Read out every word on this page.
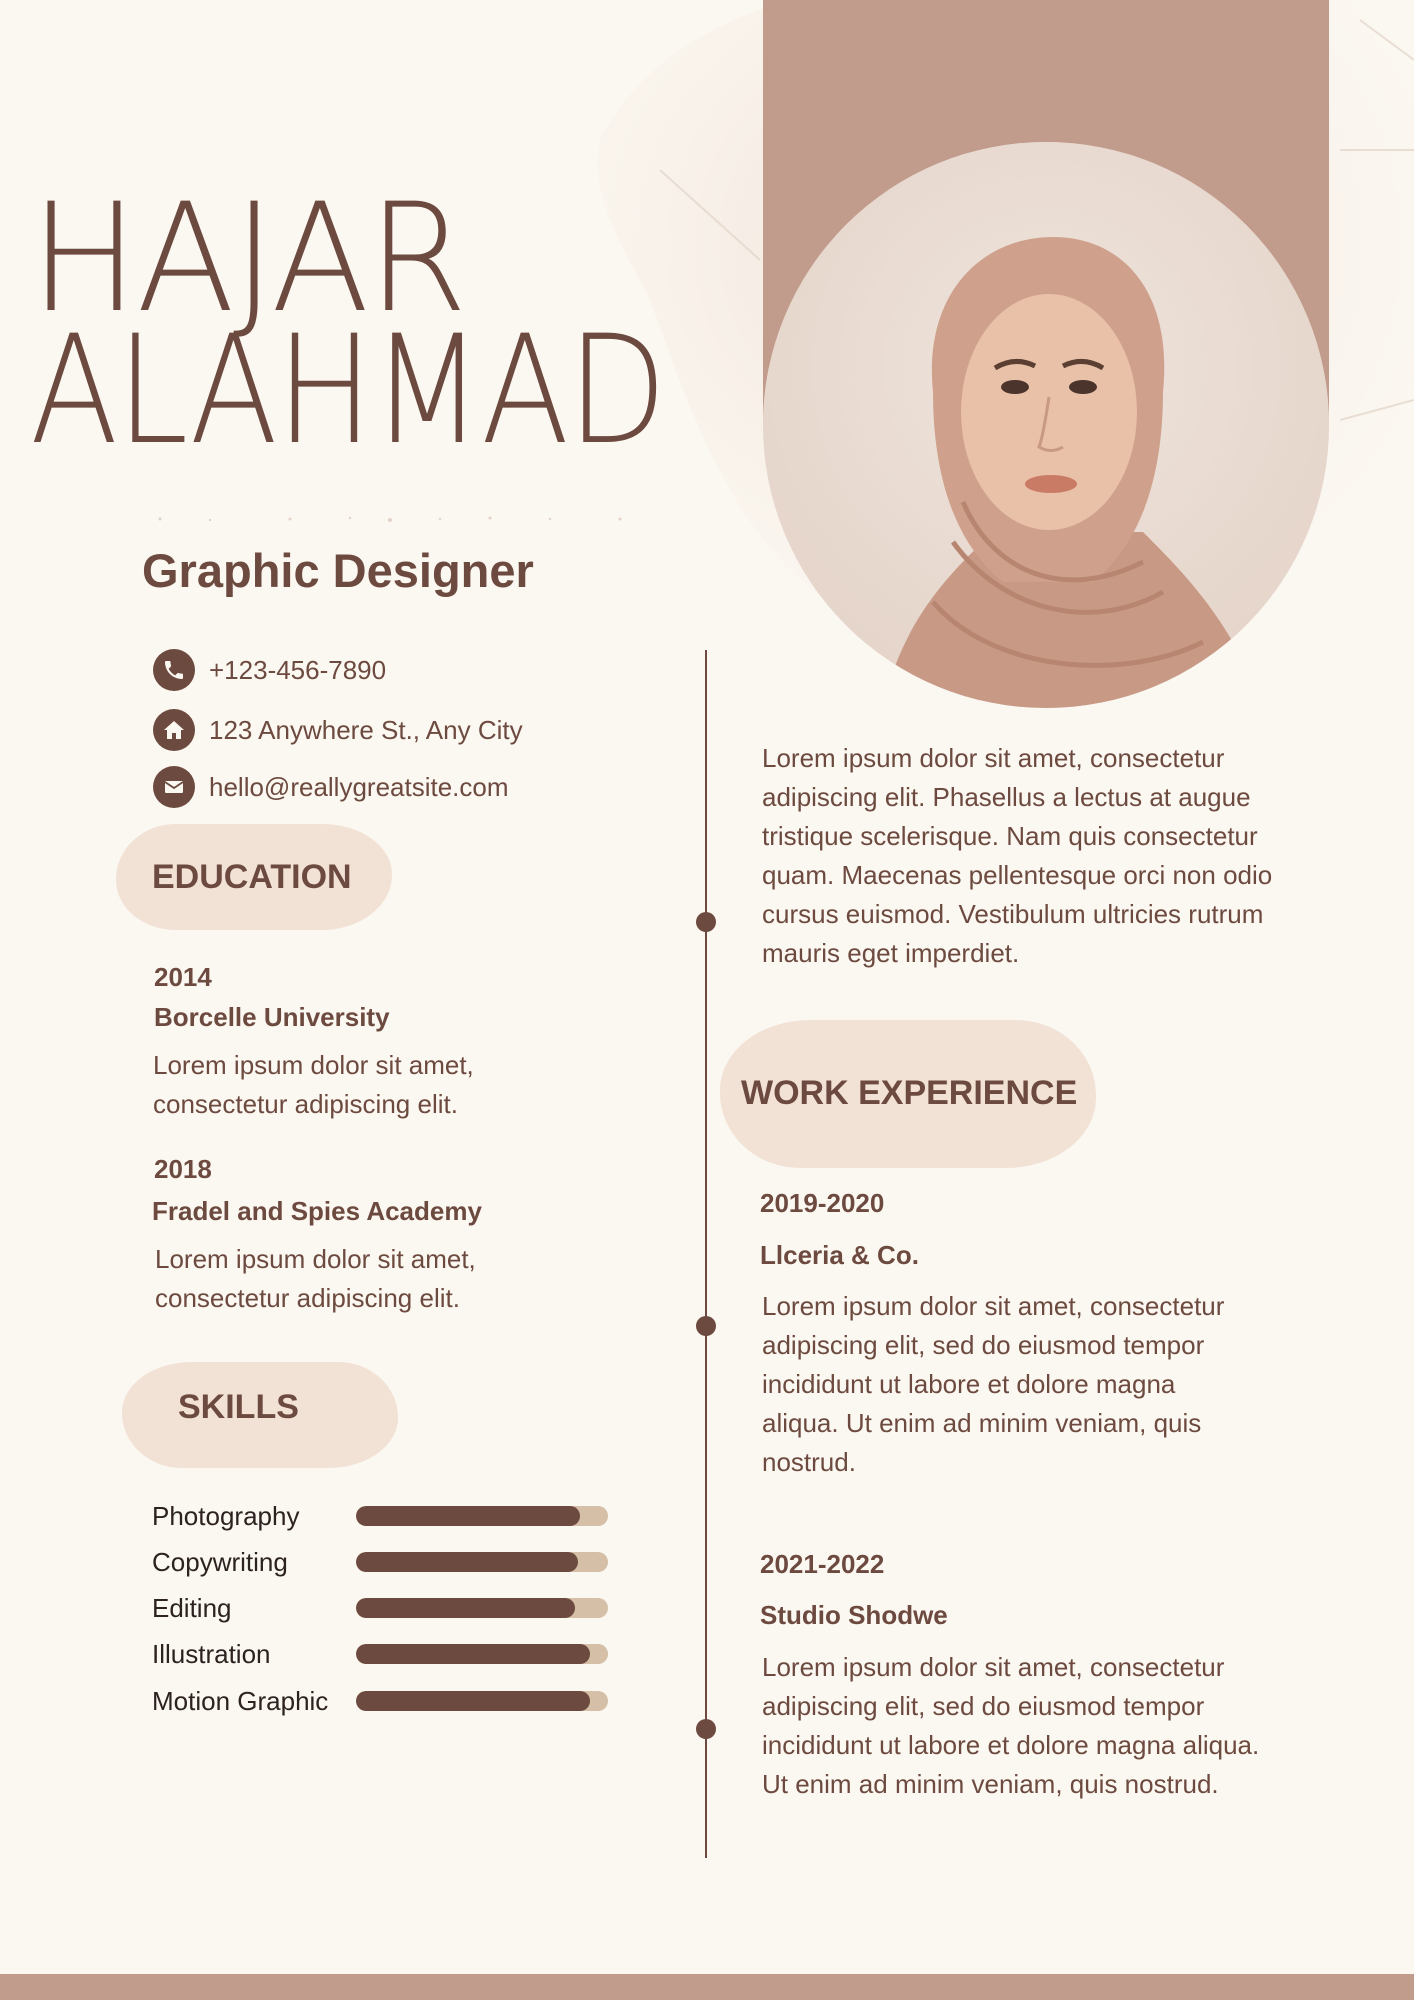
HAJAR
ALAHMAD
Graphic Designer
+123-456-7890
123 Anywhere St., Any City
hello@reallygreatsite.com
EDUCATION
2014
Borcelle University
Lorem ipsum dolor sit amet, consectetur adipiscing elit.
2018
Fradel and Spies Academy
Lorem ipsum dolor sit amet, consectetur adipiscing elit.
SKILLS
Photography
Copywriting
Editing
Illustration
Motion Graphic
Lorem ipsum dolor sit amet, consectetur adipiscing elit. Phasellus a lectus at augue tristique scelerisque. Nam quis consectetur quam. Maecenas pellentesque orci non odio cursus euismod. Vestibulum ultricies rutrum mauris eget imperdiet.
WORK EXPERIENCE
2019-2020
Llceria & Co.
Lorem ipsum dolor sit amet, consectetur adipiscing elit, sed do eiusmod tempor incididunt ut labore et dolore magna aliqua. Ut enim ad minim veniam, quis nostrud.
2021-2022
Studio Shodwe
Lorem ipsum dolor sit amet, consectetur adipiscing elit, sed do eiusmod tempor incididunt ut labore et dolore magna aliqua. Ut enim ad minim veniam, quis nostrud.
